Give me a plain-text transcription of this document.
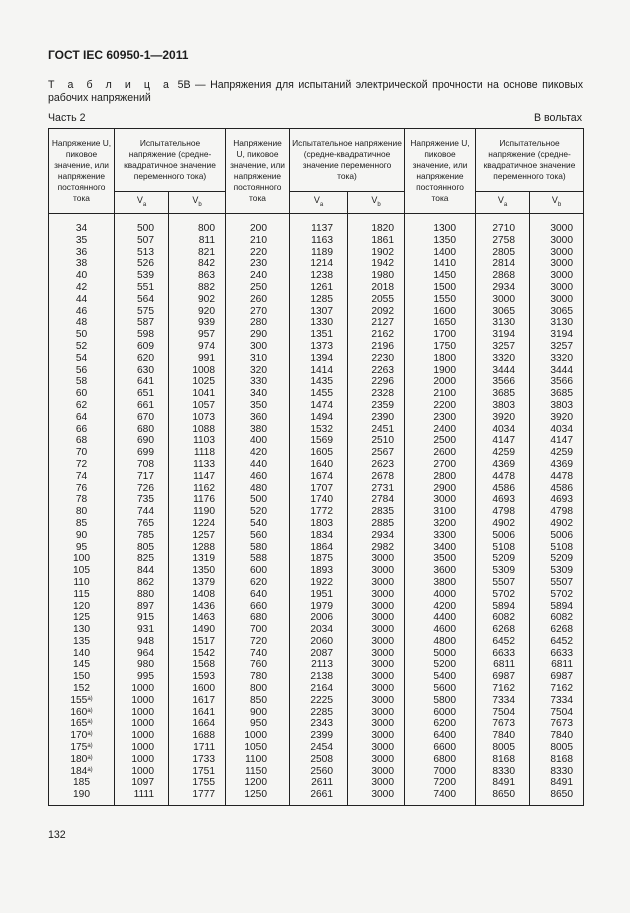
ГОСТ IEC 60950-1—2011
Т а б л и ц а 5В — Напряжения для испытаний электрической прочности на основе пиковых рабочих напряжений
Часть 2	В вольтах
Напряжение U, пиковое значение, или напряжение постоянного тока	Испытательное напряжение (средне-квадратичное значение переменного тока)		Напряжение U, пиковое значение, или напряжение постоянного тока	Испытательное напряжение (средне-квадратичное значение переменного тока)		Напряжение U, пиковое значение, или напряжение постоянного тока	Испытательное напряжение (средне-квадратичное значение переменного тока)	
	$V_a$	$V_b$		$V_a$	$V_b$		$V_a$	$V_b$
34	500	800	200	1137	1820	1300	2710	3000
35	507	811	210	1163	1861	1350	2758	3000
36	513	821	220	1189	1902	1400	2805	3000
38	526	842	230	1214	1942	1410	2814	3000
40	539	863	240	1238	1980	1450	2868	3000
42	551	882	250	1261	2018	1500	2934	3000
44	564	902	260	1285	2055	1550	3000	3000
46	575	920	270	1307	2092	1600	3065	3065
48	587	939	280	1330	2127	1650	3130	3130
50	598	957	290	1351	2162	1700	3194	3194
52	609	974	300	1373	2196	1750	3257	3257
54	620	991	310	1394	2230	1800	3320	3320
56	630	1008	320	1414	2263	1900	3444	3444
58	641	1025	330	1435	2296	2000	3566	3566
60	651	1041	340	1455	2328	2100	3685	3685
62	661	1057	350	1474	2359	2200	3803	3803
64	670	1073	360	1494	2390	2300	3920	3920
66	680	1088	380	1532	2451	2400	4034	4034
68	690	1103	400	1569	2510	2500	4147	4147
70	699	1118	420	1605	2567	2600	4259	4259
72	708	1133	440	1640	2623	2700	4369	4369
74	717	1147	460	1674	2678	2800	4478	4478
76	726	1162	480	1707	2731	2900	4586	4586
78	735	1176	500	1740	2784	3000	4693	4693
80	744	1190	520	1772	2835	3100	4798	4798
85	765	1224	540	1803	2885	3200	4902	4902
90	785	1257	560	1834	2934	3300	5006	5006
95	805	1288	580	1864	2982	3400	5108	5108
100	825	1319	588	1875	3000	3500	5209	5209
105	844	1350	600	1893	3000	3600	5309	5309
110	862	1379	620	1922	3000	3800	5507	5507
115	880	1408	640	1951	3000	4000	5702	5702
120	897	1436	660	1979	3000	4200	5894	5894
125	915	1463	680	2006	3000	4400	6082	6082
130	931	1490	700	2034	3000	4600	6268	6268
135	948	1517	720	2060	3000	4800	6452	6452
140	964	1542	740	2087	3000	5000	6633	6633
145	980	1568	760	2113	3000	5200	6811	6811
150	995	1593	780	2138	3000	5400	6987	6987
152	1000	1600	800	2164	3000	5600	7162	7162
155$^{a)}$	1000	1617	850	2225	3000	5800	7334	7334
160$^{a)}$	1000	1641	900	2285	3000	6000	7504	7504
165$^{a)}$	1000	1664	950	2343	3000	6200	7673	7673
170$^{a)}$	1000	1688	1000	2399	3000	6400	7840	7840
175$^{a)}$	1000	1711	1050	2454	3000	6600	8005	8005
180$^{a)}$	1000	1733	1100	2508	3000	6800	8168	8168
184$^{a)}$	1000	1751	1150	2560	3000	7000	8330	8330
185	1097	1755	1200	2611	3000	7200	8491	8491
190	1111	1777	1250	2661	3000	7400	8650	8650
132
